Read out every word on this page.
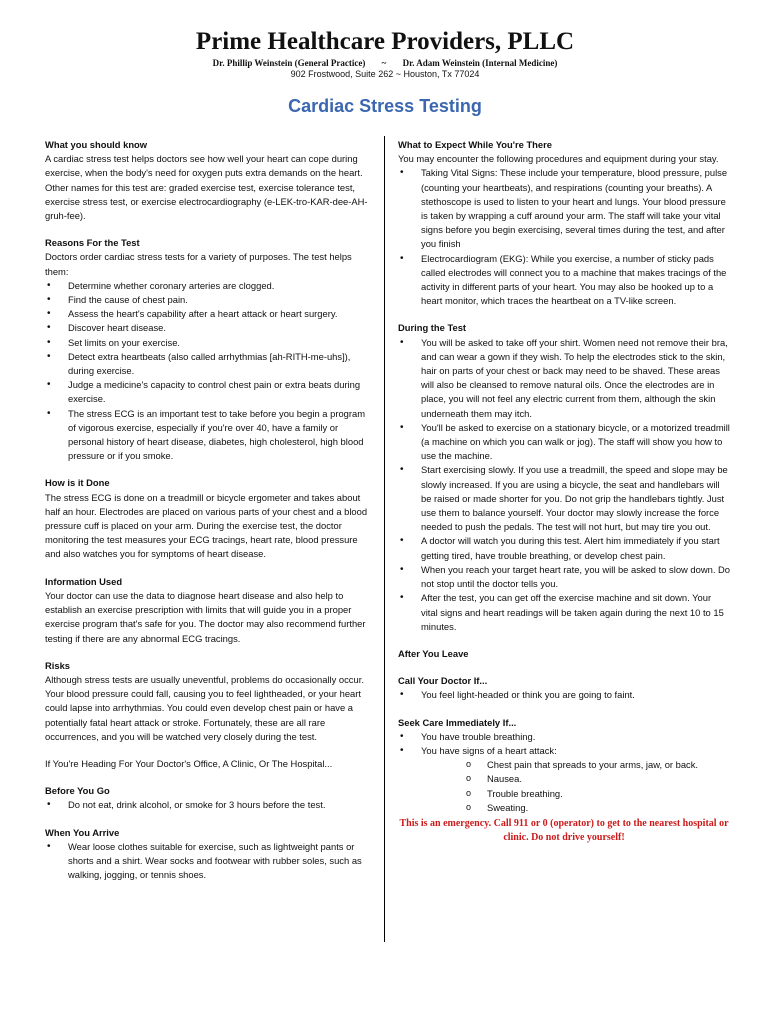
Prime Healthcare Providers, PLLC
Dr. Phillip Weinstein (General Practice) ~ Dr. Adam Weinstein (Internal Medicine)
902 Frostwood, Suite 262 ~ Houston, Tx 77024
Cardiac Stress Testing
What you should know
A cardiac stress test helps doctors see how well your heart can cope during exercise, when the body's need for oxygen puts extra demands on the heart. Other names for this test are: graded exercise test, exercise tolerance test, exercise stress test, or exercise electrocardiography (e-LEK-tro-KAR-dee-AH-gruh-fee).
Reasons For the Test
Doctors order cardiac stress tests for a variety of purposes. The test helps them:
• Determine whether coronary arteries are clogged.
• Find the cause of chest pain.
• Assess the heart's capability after a heart attack or heart surgery.
• Discover heart disease.
• Set limits on your exercise.
• Detect extra heartbeats (also called arrhythmias [ah-RITH-me-uhs]), during exercise.
• Judge a medicine's capacity to control chest pain or extra beats during exercise.
• The stress ECG is an important test to take before you begin a program of vigorous exercise, especially if you're over 40, have a family or personal history of heart disease, diabetes, high cholesterol, high blood pressure or if you smoke.
How is it Done
The stress ECG is done on a treadmill or bicycle ergometer and takes about half an hour. Electrodes are placed on various parts of your chest and a blood pressure cuff is placed on your arm. During the exercise test, the doctor monitoring the test measures your ECG tracings, heart rate, blood pressure and also watches you for symptoms of heart disease.
Information Used
Your doctor can use the data to diagnose heart disease and also help to establish an exercise prescription with limits that will guide you in a proper exercise program that's safe for you. The doctor may also recommend further testing if there are any abnormal ECG tracings.
Risks
Although stress tests are usually uneventful, problems do occasionally occur. Your blood pressure could fall, causing you to feel lightheaded, or your heart could lapse into arrhythmias. You could even develop chest pain or have a potentially fatal heart attack or stroke. Fortunately, these are all rare occurrences, and you will be watched very closely during the test.
If You're Heading For Your Doctor's Office, A Clinic, Or The Hospital...
Before You Go
• Do not eat, drink alcohol, or smoke for 3 hours before the test.
When You Arrive
• Wear loose clothes suitable for exercise, such as lightweight pants or shorts and a shirt. Wear socks and footwear with rubber soles, such as walking, jogging, or tennis shoes.
What to Expect While You're There
You may encounter the following procedures and equipment during your stay.
• Taking Vital Signs: These include your temperature, blood pressure, pulse (counting your heartbeats), and respirations (counting your breaths). A stethoscope is used to listen to your heart and lungs. Your blood pressure is taken by wrapping a cuff around your arm. The staff will take your vital signs before you begin exercising, several times during the test, and after you finish
• Electrocardiogram (EKG): While you exercise, a number of sticky pads called electrodes will connect you to a machine that makes tracings of the activity in different parts of your heart. You may also be hooked up to a heart monitor, which traces the heartbeat on a TV-like screen.
During the Test
• You will be asked to take off your shirt. Women need not remove their bra, and can wear a gown if they wish. To help the electrodes stick to the skin, hair on parts of your chest or back may need to be shaved. These areas will also be cleansed to remove natural oils. Once the electrodes are in place, you will not feel any electric current from them, although the skin underneath them may itch.
• You'll be asked to exercise on a stationary bicycle, or a motorized treadmill (a machine on which you can walk or jog). The staff will show you how to use the machine.
• Start exercising slowly. If you use a treadmill, the speed and slope may be slowly increased. If you are using a bicycle, the seat and handlebars will be raised or made shorter for you. Do not grip the handlebars tightly. Just use them to balance yourself. Your doctor may slowly increase the force needed to push the pedals. The test will not hurt, but may tire you out.
• A doctor will watch you during this test. Alert him immediately if you start getting tired, have trouble breathing, or develop chest pain.
• When you reach your target heart rate, you will be asked to slow down. Do not stop until the doctor tells you.
• After the test, you can get off the exercise machine and sit down. Your vital signs and heart readings will be taken again during the next 10 to 15 minutes.
After You Leave
Call Your Doctor If...
• You feel light-headed or think you are going to faint.
Seek Care Immediately If...
• You have trouble breathing.
• You have signs of a heart attack:
o Chest pain that spreads to your arms, jaw, or back.
o Nausea.
o Trouble breathing.
o Sweating.
This is an emergency. Call 911 or 0 (operator) to get to the nearest hospital or clinic. Do not drive yourself!
